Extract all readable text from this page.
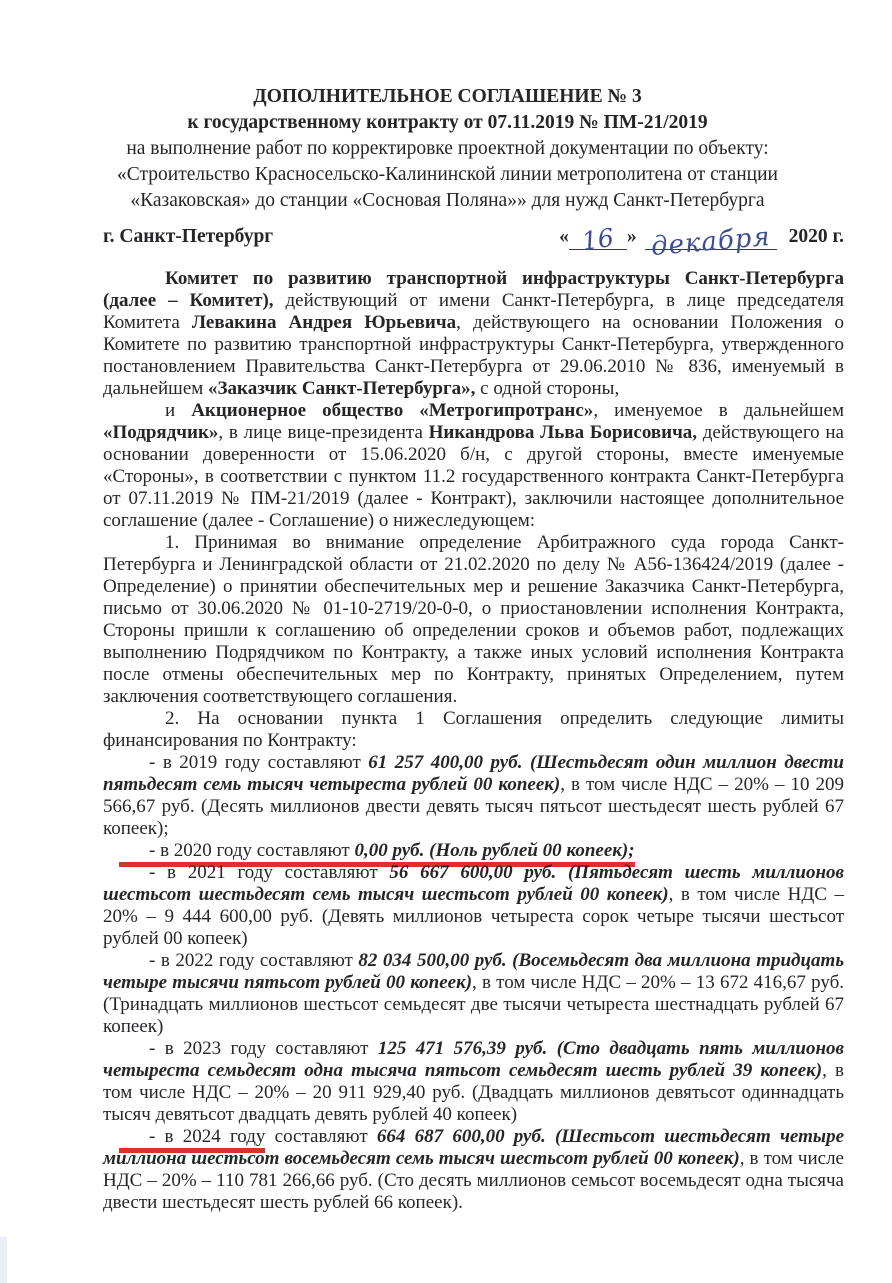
ДОПОЛНИТЕЛЬНОЕ СОГЛАШЕНИЕ № 3
к государственному контракту от 07.11.2019 № ПМ-21/2019
на выполнение работ по корректировке проектной документации по объекту:
«Строительство Красносельско-Калининской линии метрополитена от станции
«Казаковская» до станции «Сосновая Поляна»» для нужд Санкт-Петербурга
г. Санкт-Петербург	« 16 » декабря 2020 г.

Комитет по развитию транспортной инфраструктуры Санкт-Петербурга (далее – Комитет), действующий от имени Санкт-Петербурга, в лице председателя Комитета Левакина Андрея Юрьевича, действующего на основании Положения о Комитете по развитию транспортной инфраструктуры Санкт-Петербурга, утвержденного постановлением Правительства Санкт-Петербурга от 29.06.2010 № 836, именуемый в дальнейшем «Заказчик Санкт-Петербурга», с одной стороны,

и Акционерное общество «Метрогипротранс», именуемое в дальнейшем «Подрядчик», в лице вице-президента Никандрова Льва Борисовича, действующего на основании доверенности от 15.06.2020 б/н, с другой стороны, вместе именуемые «Стороны», в соответствии с пунктом 11.2 государственного контракта Санкт-Петербурга от 07.11.2019 № ПМ-21/2019 (далее - Контракт), заключили настоящее дополнительное соглашение (далее - Соглашение) о нижеследующем:

1. Принимая во внимание определение Арбитражного суда города Санкт-Петербурга и Ленинградской области от 21.02.2020 по делу № А56-136424/2019 (далее - Определение) о принятии обеспечительных мер и решение Заказчика Санкт-Петербурга, письмо от 30.06.2020 № 01-10-2719/20-0-0, о приостановлении исполнения Контракта, Стороны пришли к соглашению об определении сроков и объемов работ, подлежащих выполнению Подрядчиком по Контракту, а также иных условий исполнения Контракта после отмены обеспечительных мер по Контракту, принятых Определением, путем заключения соответствующего соглашения.

2. На основании пункта 1 Соглашения определить следующие лимиты финансирования по Контракту:

- в 2019 году составляют 61 257 400,00 руб. (Шестьдесят один миллион двести пятьдесят семь тысяч четыреста рублей 00 копеек), в том числе НДС – 20% – 10 209 566,67 руб. (Десять миллионов двести девять тысяч пятьсот шестьдесят шесть рублей 67 копеек);

- в 2020 году составляют 0,00 руб. (Ноль рублей 00 копеек);

- в 2021 году составляют 56 667 600,00 руб. (Пятьдесят шесть миллионов шестьсот шестьдесят семь тысяч шестьсот рублей 00 копеек), в том числе НДС – 20% – 9 444 600,00 руб. (Девять миллионов четыреста сорок четыре тысячи шестьсот рублей 00 копеек)

- в 2022 году составляют 82 034 500,00 руб. (Восемьдесят два миллиона тридцать четыре тысячи пятьсот рублей 00 копеек), в том числе НДС – 20% – 13 672 416,67 руб. (Тринадцать миллионов шестьсот семьдесят две тысячи четыреста шестнадцать рублей 67 копеек)

- в 2023 году составляют 125 471 576,39 руб. (Сто двадцать пять миллионов четыреста семьдесят одна тысяча пятьсот семьдесят шесть рублей 39 копеек), в том числе НДС – 20% – 20 911 929,40 руб. (Двадцать миллионов девятьсот одиннадцать тысяч девятьсот двадцать девять рублей 40 копеек)

- в 2024 году составляют 664 687 600,00 руб. (Шестьсот шестьдесят четыре миллиона шестьсот восемьдесят семь тысяч шестьсот рублей 00 копеек), в том числе НДС – 20% – 110 781 266,66 руб. (Сто десять миллионов семьсот восемьдесят одна тысяча двести шестьдесят шесть рублей 66 копеек).
